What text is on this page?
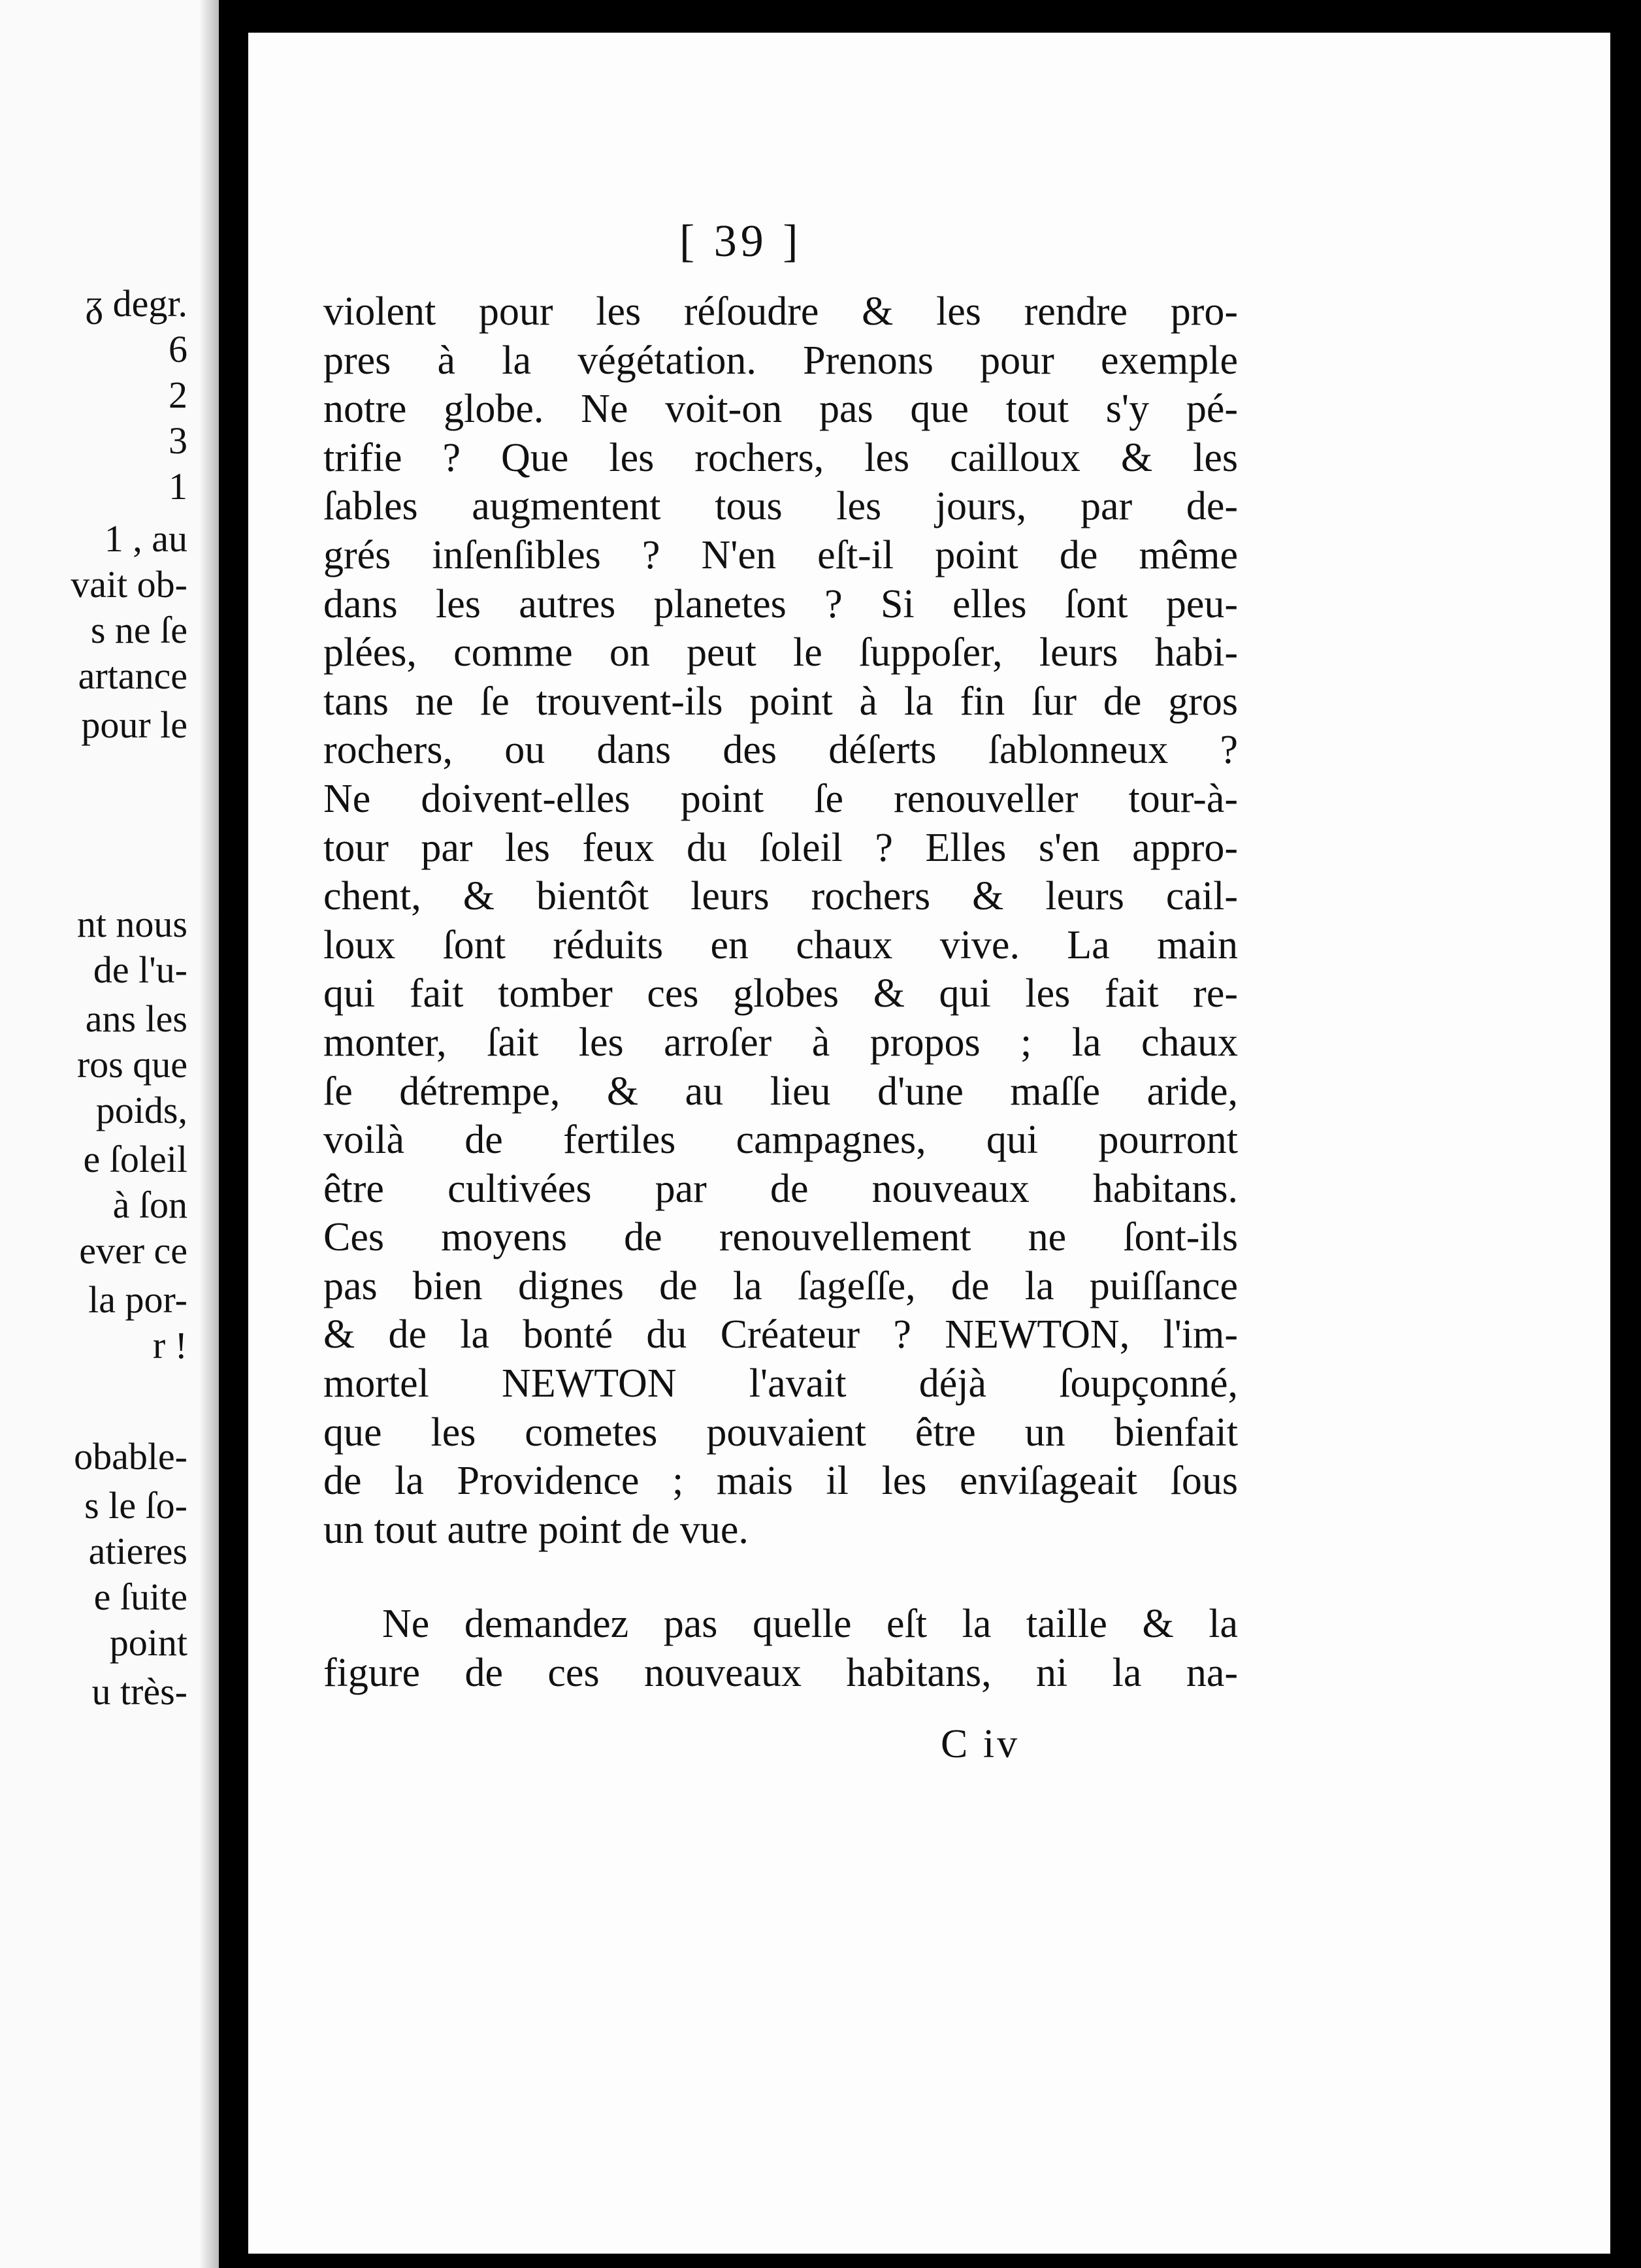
ᵹ degr.
6
2
3
1
1 , au
vait ob-
s ne ſe
artance
pour le
nt nous
de l'u-
ans les
ros que
poids,
e ſoleil
à ſon
ever ce
la por-
r !
obable-
s le ſo-
atieres
e ſuite
point
u très-
[ 39 ]
violent pour les réſoudre & les rendre pro-
pres à la végétation. Prenons pour exemple
notre globe. Ne voit-on pas que tout s'y pé-
trifie ? Que les rochers, les cailloux & les
ſables augmentent tous les jours, par de-
grés inſenſibles ? N'en eſt-il point de même
dans les autres planetes ? Si elles ſont peu-
plées, comme on peut le ſuppoſer, leurs habi-
tans ne ſe trouvent-ils point à la fin ſur de gros
rochers, ou dans des déſerts ſablonneux ?
Ne doivent-elles point ſe renouveller tour-à-
tour par les feux du ſoleil ? Elles s'en appro-
chent, & bientôt leurs rochers & leurs cail-
loux ſont réduits en chaux vive. La main
qui fait tomber ces globes & qui les fait re-
monter, ſait les arroſer à propos ; la chaux
ſe détrempe, & au lieu d'une maſſe aride,
voilà de fertiles campagnes, qui pourront
être cultivées par de nouveaux habitans.
Ces moyens de renouvellement ne ſont-ils
pas bien dignes de la ſageſſe, de la puiſſance
& de la bonté du Créateur ? NEWTON, l'im-
mortel NEWTON l'avait déjà ſoupçonné,
que les cometes pouvaient être un bienfait
de la Providence ; mais il les enviſageait ſous
un tout autre point de vue.
Ne demandez pas quelle eſt la taille & la
figure de ces nouveaux habitans, ni la na-
C iv
